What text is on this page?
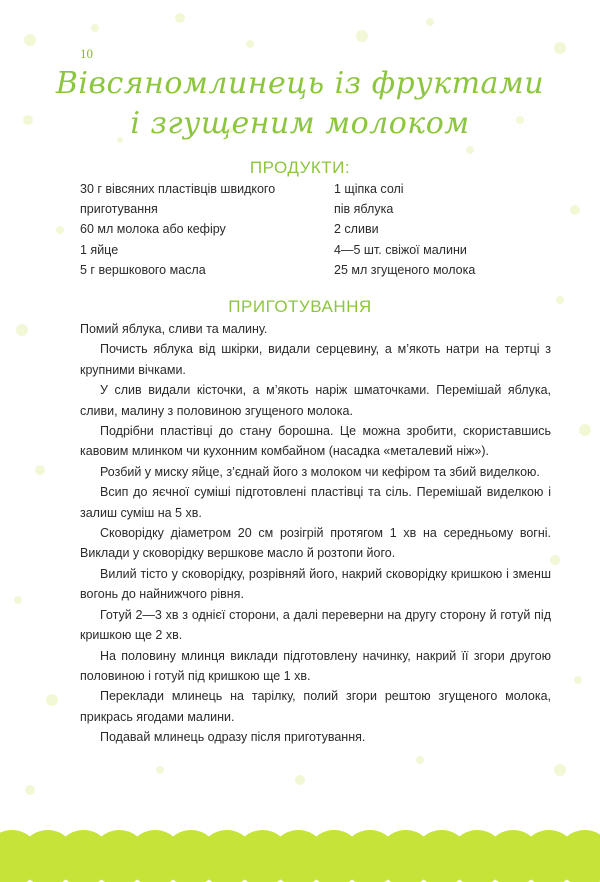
10
Вівсяномлинець із фруктами
і згущеним молоком
ПРОДУКТИ:
30 г вівсяних пластівців швидкого
приготування
60 мл молока або кефіру
1 яйце
5 г вершкового масла
1 щіпка солі
пів яблука
2 сливи
4—5 шт. свіжої малини
25 мл згущеного молока
ПРИГОТУВАННЯ

Помий яблука, сливи та малину.

Почисть яблука від шкірки, видали серцевину, а м’якоть натри на тертці з крупними вічками.

У слив видали кісточки, а м’якоть наріж шматочками. Перемішай яблука, сливи, малину з половиною згущеного молока.

Подрібни пластівці до стану борошна. Це можна зробити, скориставшись кавовим млинком чи кухонним комбайном (насадка «металевий ніж»).

Розбий у миску яйце, з’єднай його з молоком чи кефіром та збий виделкою.

Всип до яєчної суміші підготовлені пластівці та сіль. Перемішай виделкою і залиш суміш на 5 хв.

Сковорідку діаметром 20 см розігрій протягом 1 хв на середньому вогні. Виклади у сковорідку вершкове масло й розтопи його.

Вилий тісто у сковорідку, розрівняй його, накрий сковорідку кришкою і зменш вогонь до найнижчого рівня.

Готуй 2—3 хв з однієї сторони, а далі переверни на другу сторону й готуй під кришкою ще 2 хв.

На половину млинця виклади підготовлену начинку, накрий її згори другою половиною і готуй під кришкою ще 1 хв.

Переклади млинець на тарілку, полий згори рештою згущеного молока, прикрась ягодами малини.

Подавай млинець одразу після приготування.
